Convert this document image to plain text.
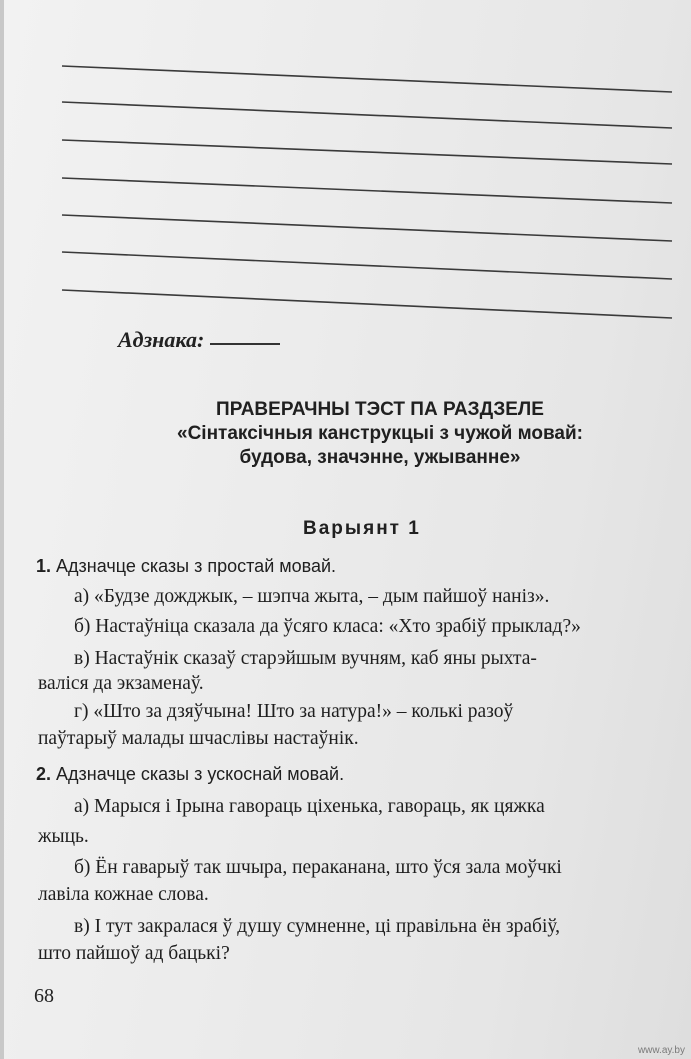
Адзнака:
ПРАВЕРАЧНЫ ТЭСТ ПА РАЗДЗЕЛЕ
«Сінтаксічныя канструкцыі з чужой мовай:
будова, значэнне, ужыванне»
Варыянт 1
1. Адзначце сказы з простай мовай.
а) «Будзе дожджык, – шэпча жыта, – дым пайшоў наніз».
б) Настаўніца сказала да ўсяго класа: «Хто зрабіў прыклад?»
в) Настаўнік сказаў старэйшым вучням, каб яны рыхта-
валіся да экзаменаў.
г) «Што за дзяўчына! Што за натура!» – колькі разоў
паўтарыў малады шчаслівы настаўнік.
2. Адзначце сказы з ускоснай мовай.
а) Марыся і Ірына гавораць ціхенька, гавораць, як цяжка
жыць.
б) Ён гаварыў так шчыра, пераканана, што ўся зала моўчкі
лавіла кожнае слова.
в) І тут закралася ў душу сумненне, ці правільна ён зрабіў,
што пайшоў ад бацькі?
68
www.ay.by
